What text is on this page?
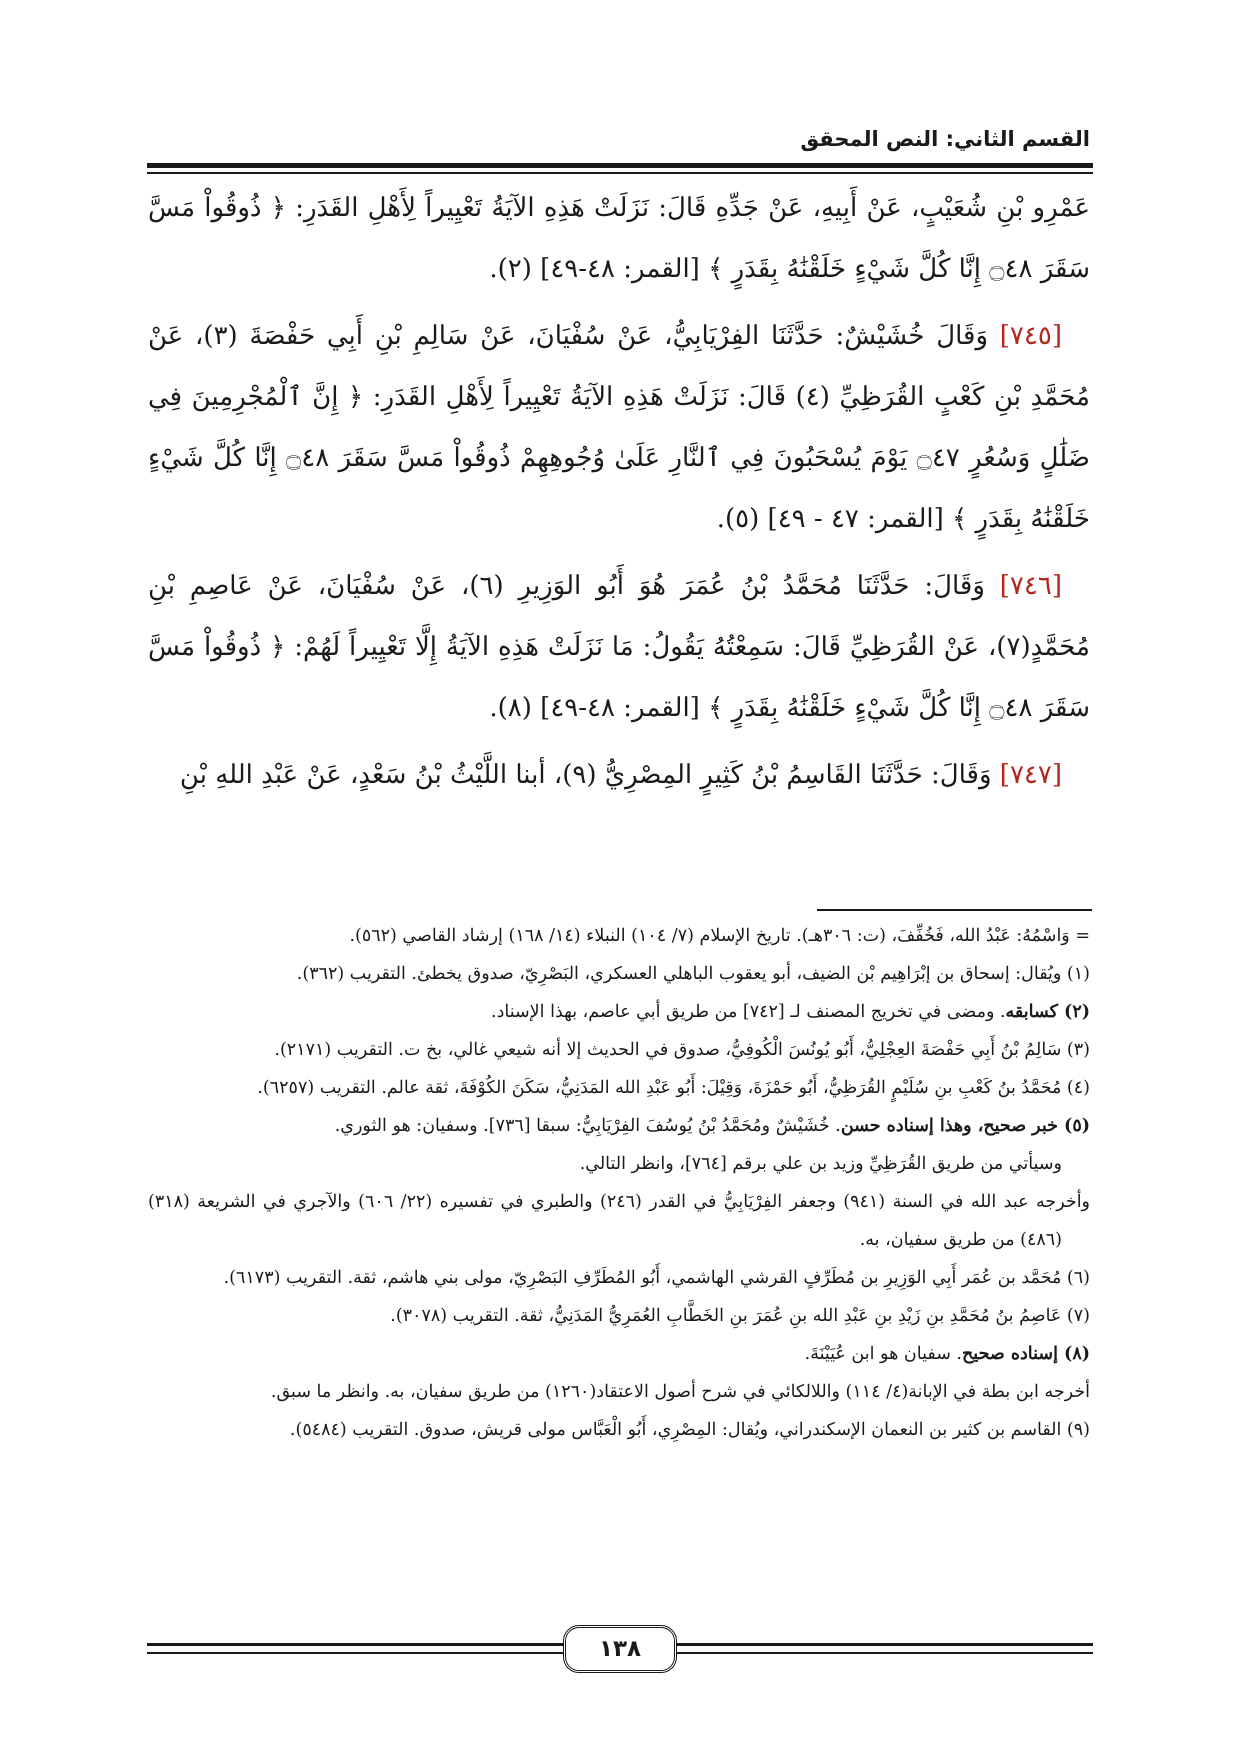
القسم الثاني: النص المحقق

عَمْرِو بْنِ شُعَيْبٍ، عَنْ أَبِيهِ، عَنْ جَدِّهِ قَالَ: نَزَلَتْ هَذِهِ الآيَةُ تَعْيِيراً لِأَهْلِ القَدَرِ: ﴿ ذُوقُواْ مَسَّ سَقَرَ ۝٤٨ إِنَّا كُلَّ شَيْءٍ خَلَقْنَٰهُ بِقَدَرٍ ﴾ [القمر: ٤٨-٤٩] (٢).

[٧٤٥] وَقَالَ خُشَيْشٌ: حَدَّثَنَا الفِرْيَابِيُّ، عَنْ سُفْيَانَ، عَنْ سَالِمِ بْنِ أَبِي حَفْصَةَ (٣)، عَنْ مُحَمَّدِ بْنِ كَعْبٍ القُرَظِيِّ (٤) قَالَ: نَزَلَتْ هَذِهِ الآيَةُ تَعْيِيراً لِأَهْلِ القَدَرِ: ﴿ إِنَّ ٱلْمُجْرِمِينَ فِي ضَلَٰلٍ وَسُعُرٍ ۝٤٧ يَوْمَ يُسْحَبُونَ فِي ٱلنَّارِ عَلَىٰ وُجُوهِهِمْ ذُوقُواْ مَسَّ سَقَرَ ۝٤٨ إِنَّا كُلَّ شَيْءٍ خَلَقْنَٰهُ بِقَدَرٍ ﴾ [القمر: ٤٧ - ٤٩] (٥).

[٧٤٦] وَقَالَ: حَدَّثَنَا مُحَمَّدُ بْنُ عُمَرَ هُوَ أَبُو الوَزِيرِ (٦)، عَنْ سُفْيَانَ، عَنْ عَاصِمِ بْنِ مُحَمَّدٍ(٧)، عَنْ القُرَظِيِّ قَالَ: سَمِعْتُهُ يَقُولُ: مَا نَزَلَتْ هَذِهِ الآيَةُ إِلَّا تَعْيِيراً لَهُمْ: ﴿ ذُوقُواْ مَسَّ سَقَرَ ۝٤٨ إِنَّا كُلَّ شَيْءٍ خَلَقْنَٰهُ بِقَدَرٍ ﴾ [القمر: ٤٨-٤٩] (٨).

[٧٤٧] وَقَالَ: حَدَّثَنَا القَاسِمُ بْنُ كَثِيرٍ المِصْرِيُّ (٩)، أبنا اللَّيْثُ بْنُ سَعْدٍ، عَنْ عَبْدِ اللهِ بْنِ

= وَاسْمُهُ: عَبْدُ الله، فَخُفِّفَ، (ت: ٣٠٦هـ). تاريخ الإسلام (٧/ ١٠٤) النبلاء (١٤/ ١٦٨) إرشاد القاصي (٥٦٢).

(١) ويُقال: إسحاق بن إبْرَاهِيم بْن الضيف، أبو يعقوب الباهلي العسكري، البَصْرِيّ، صدوق يخطئ. التقريب (٣٦٢).

(٢) كسابقه. ومضى في تخريج المصنف لـ [٧٤٢] من طريق أبي عاصم، بهذا الإسناد.

(٣) سَالِمُ بْنُ أَبِي حَفْصَةَ العِجْلِيُّ، أَبُو يُونُسَ الْكُوفِيُّ، صدوق في الحديث إلا أنه شيعي غالي، بخ ت. التقريب (٢١٧١).

(٤) مُحَمَّدُ بنُ كَعْبِ بنِ سُلَيْمٍ القُرَظِيُّ، أَبُو حَمْزَةَ، وَقِيْلَ: أَبُو عَبْدِ الله المَدَنِيُّ، سَكَنَ الكُوْفَةَ، ثقة عالم. التقريب (٦٢٥٧).

(٥) خبر صحيح، وهذا إسناده حسن. خُشَيْشٌ ومُحَمَّدُ بْنُ يُوسُفَ الفِرْيَابِيُّ: سبقا [٧٣٦]. وسفيان: هو الثوري.

وسيأتي من طريق القُرَظِيِّ وزيد بن علي برقم [٧٦٤]، وانظر التالي.

وأخرجه عبد الله في السنة (٩٤١) وجعفر الفِرْيَابِيُّ في القدر (٢٤٦) والطبري في تفسيره (٢٢/ ٦٠٦) والآجري في الشريعة (٣١٨) (٤٨٦) من طريق سفيان، به.

(٦) مُحَمَّد بن عُمَر أَبِي الوَزِيرِ بن مُطَرِّفٍ القرشي الهاشمي، أَبُو المُطَرِّفِ البَصْرِيّ، مولى بني هاشم، ثقة. التقريب (٦١٧٣).

(٧) عَاصِمُ بنُ مُحَمَّدِ بنِ زَيْدِ بنِ عَبْدِ الله بنِ عُمَرَ بنِ الخَطَّابِ العُمَرِيُّ المَدَنِيُّ، ثقة. التقريب (٣٠٧٨).

(٨) إسناده صحيح. سفيان هو ابن عُيَيْنَةَ.

أخرجه ابن بطة في الإبانة(٤/ ١١٤) واللالكائي في شرح أصول الاعتقاد(١٢٦٠) من طريق سفيان، به. وانظر ما سبق.

(٩) القاسم بن كثير بن النعمان الإسكندراني، ويُقال: المِصْرِي، أَبُو الْعَبَّاس مولى قريش، صدوق. التقريب (٥٤٨٤).

١٣٨
